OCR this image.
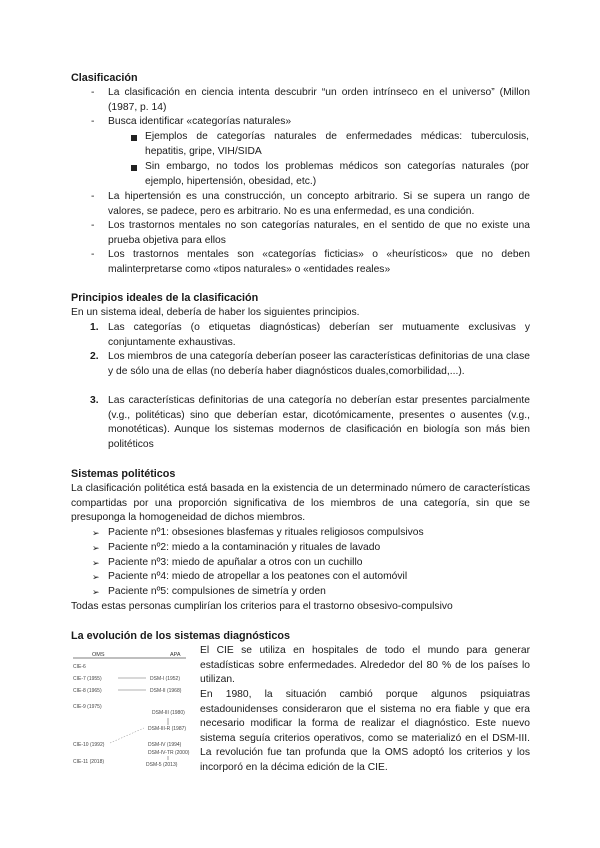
Clasificación
- La clasificación en ciencia intenta descubrir “un orden intrínseco en el universo” (Millon (1987, p. 14)
- Busca identificar «categorías naturales»
Ejemplos de categorías naturales de enfermedades médicas: tuberculosis, hepatitis, gripe, VIH/SIDA
Sin embargo, no todos los problemas médicos son categorías naturales (por ejemplo, hipertensión, obesidad, etc.)
- La hipertensión es una construcción, un concepto arbitrario. Si se supera un rango de valores, se padece, pero es arbitrario. No es una enfermedad, es una condición.
- Los trastornos mentales no son categorías naturales, en el sentido de que no existe una prueba objetiva para ellos
- Los trastornos mentales son «categorías ficticias» o «heurísticos» que no deben malinterpretarse como «tipos naturales» o «entidades reales»
Principios ideales de la clasificación
En un sistema ideal, debería de haber los siguientes principios.
1. Las categorías (o etiquetas diagnósticas) deberían ser mutuamente exclusivas y conjuntamente exhaustivas.
2. Los miembros de una categoría deberían poseer las características definitorias de una clase y de sólo una de ellas (no debería haber diagnósticos duales,comorbilidad,...).
3. Las características definitorias de una categoría no deberían estar presentes parcialmente (v.g., politéticas) sino que deberían estar, dicotómicamente, presentes o ausentes (v.g., monotéticas). Aunque los sistemas modernos de clasificación en biología son más bien politéticos
Sistemas politéticos
La clasificación politética está basada en la existencia de un determinado número de características compartidas por una proporción significativa de los miembros de una categoría, sin que se presuponga la homogeneidad de dichos miembros.
➢ Paciente nº1: obsesiones blasfemas y rituales religiosos compulsivos
➢ Paciente nº2: miedo a la contaminación y rituales de lavado
➢ Paciente nº3: miedo de apuñalar a otros con un cuchillo
➢ Paciente nº4: miedo de atropellar a los peatones con el automóvil
➢ Paciente nº5: compulsiones de simetría y orden
Todas estas personas cumplirían los criterios para el trastorno obsesivo-compulsivo
La evolución de los sistemas diagnósticos
OMS	APA
CIE-6
CIE-7 (1955)
CIE-8 (1965)
CIE-9 (1975)
CIE-10 (1992)
CIE-11 (2018)
DSM-I (1952)
DSM-II (1968)
DSM-III (1980)
DSM-III-R (1987)
DSM-IV (1994)
DSM-IV-TR (2000)
DSM-5 (2013)
El CIE se utiliza en hospitales de todo el mundo para generar estadísticas sobre enfermedades. Alrededor del 80 % de los países lo utilizan.
En 1980, la situación cambió porque algunos psiquiatras estadounidenses consideraron que el sistema no era fiable y que era necesario modificar la forma de realizar el diagnóstico. Este nuevo sistema seguía criterios operativos, como se materializó en el DSM-III. La revolución fue tan profunda que la OMS adoptó los criterios y los incorporó en la décima edición de la CIE.
